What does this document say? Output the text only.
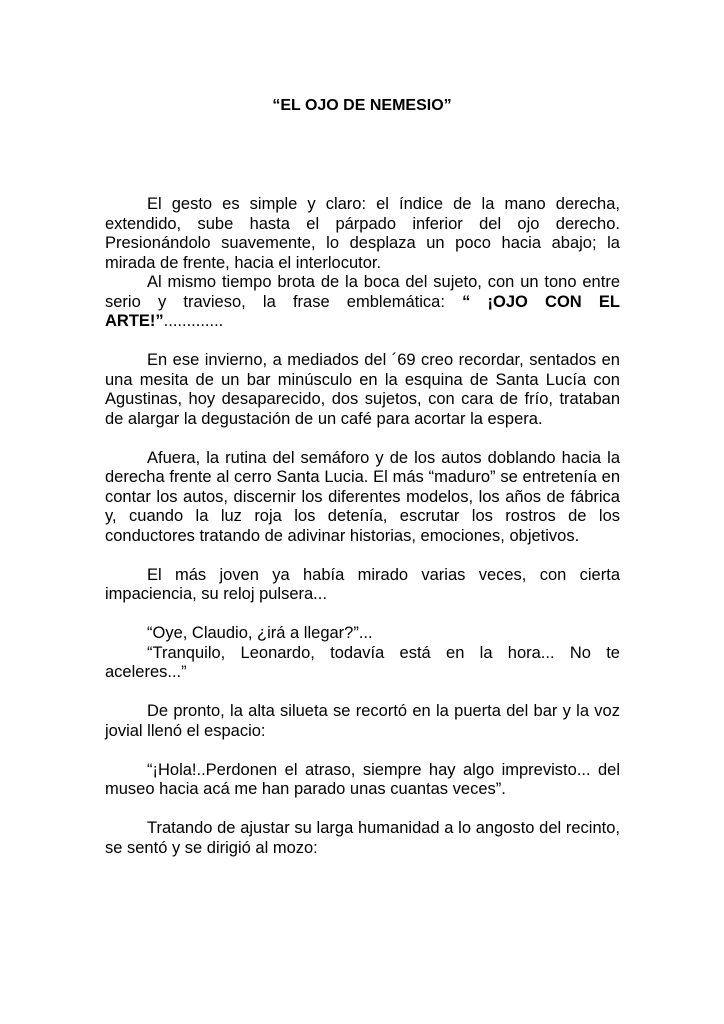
“EL OJO DE NEMESIO”

El gesto es simple y claro: el índice de la mano derecha, extendido, sube hasta el párpado inferior del ojo derecho. Presionándolo suavemente, lo desplaza un poco hacia abajo; la mirada de frente, hacia el interlocutor.

Al mismo tiempo brota de la boca del sujeto, con un tono entre serio y travieso, la frase emblemática: “ ¡OJO CON EL ARTE!”.............

En ese invierno, a mediados del ´69 creo recordar, sentados en una mesita de un bar minúsculo en la esquina de Santa Lucía con Agustinas, hoy desaparecido, dos sujetos, con cara de frío, trataban de alargar la degustación de un café para acortar la espera.

Afuera, la rutina del semáforo y de los autos doblando hacia la derecha frente al cerro Santa Lucia. El más “maduro” se entretenía en contar los autos, discernir los diferentes modelos, los años de fábrica y, cuando la luz roja los detenía, escrutar los rostros de los conductores tratando de adivinar historias, emociones, objetivos.

El más joven ya había mirado varias veces, con cierta impaciencia, su reloj pulsera...

“Oye, Claudio, ¿irá a llegar?”...

“Tranquilo, Leonardo, todavía está en la hora... No te aceleres...”

De pronto, la alta silueta se recortó en la puerta del bar y la voz jovial llenó el espacio:

“¡Hola!..Perdonen el atraso, siempre hay algo imprevisto... del museo hacia acá me han parado unas cuantas veces”.

Tratando de ajustar su larga humanidad a lo angosto del recinto, se sentó y se dirigió al mozo:
